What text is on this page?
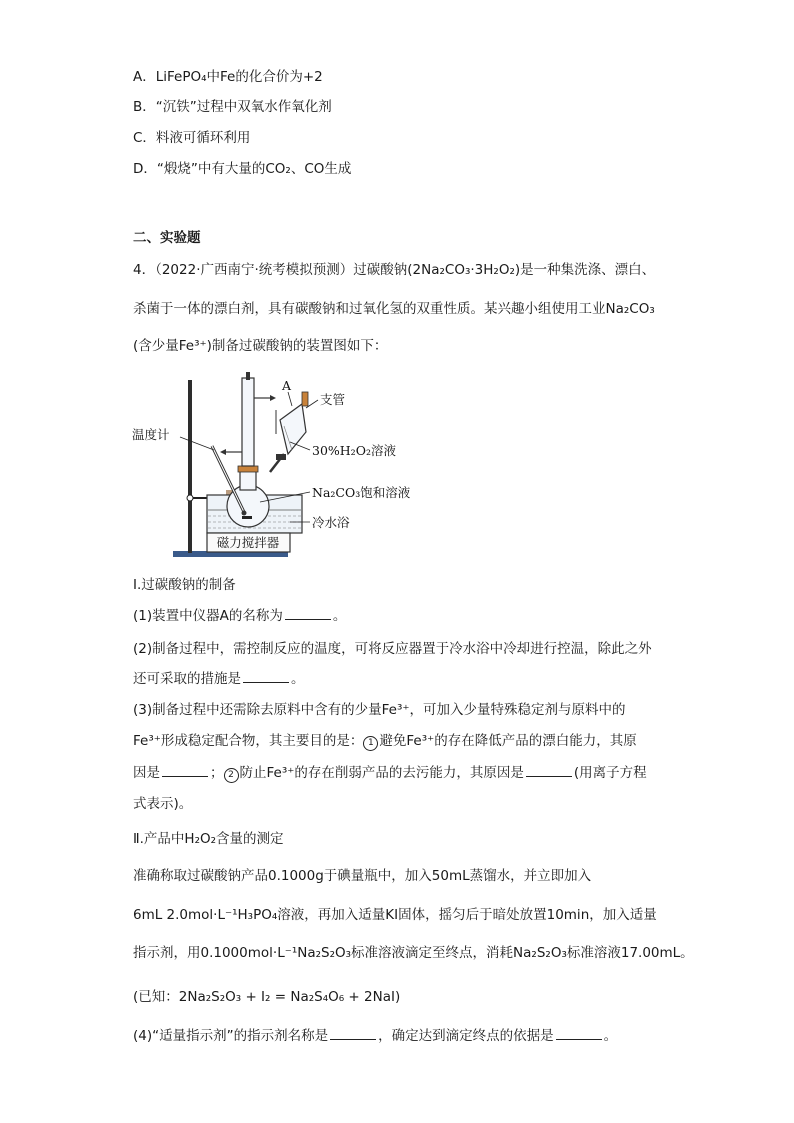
A．LiFePO₄中Fe的化合价为+2
B．“沉铁”过程中双氧水作氧化剂
C．料液可循环利用
D．“煅烧”中有大量的CO₂、CO生成
二、实验题
4．（2022·广西南宁·统考模拟预测）过碳酸钠(2Na₂CO₃·3H₂O₂)是一种集洗涤、漂白、
杀菌于一体的漂白剂，具有碳酸钠和过氧化氢的双重性质。某兴趣小组使用工业Na₂CO₃
(含少量Fe³⁺)制备过碳酸钠的装置图如下：
磁力搅拌器
A
支管
温度计
30%H₂O₂溶液
Na₂CO₃饱和溶液
冷水浴
Ⅰ.过碳酸钠的制备
(1)装置中仪器A的名称为	。
(2)制备过程中，需控制反应的温度，可将反应器置于冷水浴中冷却进行控温，除此之外
还可采取的措施是	。
(3)制备过程中还需除去原料中含有的少量Fe³⁺，可加入少量特殊稳定剂与原料中的
Fe³⁺形成稳定配合物，其主要目的是： 1 避免Fe³⁺的存在降低产品的漂白能力，其原
因是	； 2 防止Fe³⁺的存在削弱产品的去污能力，其原因是	(用离子方程
式表示)。
Ⅱ.产品中H₂O₂含量的测定
准确称取过碳酸钠产品0.1000g于碘量瓶中，加入50mL蒸馏水，并立即加入
6mL 2.0mol·L⁻¹H₃PO₄溶液，再加入适量KI固体，摇匀后于暗处放置10min，加入适量
指示剂，用0.1000mol·L⁻¹Na₂S₂O₃标准溶液滴定至终点，消耗Na₂S₂O₃标准溶液17.00mL。
(已知：2Na₂S₂O₃ + I₂ = Na₂S₄O₆ + 2NaI)
(4)“适量指示剂”的指示剂名称是	，确定达到滴定终点的依据是	。
